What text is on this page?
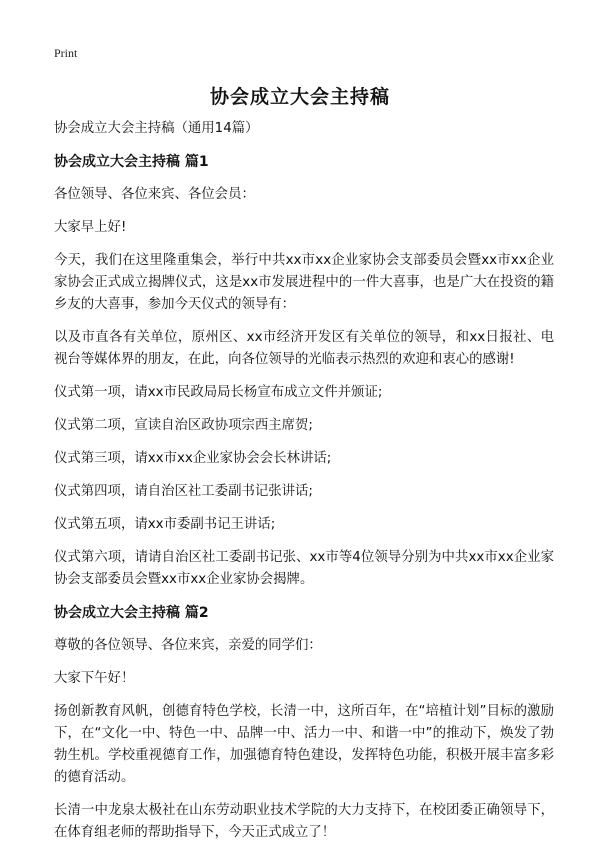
Print
协会成立大会主持稿

协会成立大会主持稿（通用14篇）

协会成立大会主持稿 篇1

各位领导、各位来宾、各位会员：

大家早上好!

今天，我们在这里隆重集会，举行中共xx市xx企业家协会支部委员会暨xx市xx企业家协会正式成立揭牌仪式，这是xx市发展进程中的一件大喜事，也是广大在投资的籍乡友的大喜事，参加今天仪式的领导有：

以及市直各有关单位，原州区、xx市经济开发区有关单位的领导，和xx日报社、电视台等媒体界的朋友，在此，向各位领导的光临表示热烈的欢迎和衷心的感谢!

仪式第一项，请xx市民政局局长杨宣布成立文件并颁证;

仪式第二项，宣读自治区政协项宗西主席贺;

仪式第三项，请xx市xx企业家协会会长林讲话;

仪式第四项，请自治区社工委副书记张讲话;

仪式第五项，请xx市委副书记王讲话;

仪式第六项，请请自治区社工委副书记张、xx市等4位领导分别为中共xx市xx企业家协会支部委员会暨xx市xx企业家协会揭牌。

协会成立大会主持稿 篇2

尊敬的各位领导、各位来宾，亲爱的同学们：

大家下午好！

扬创新教育风帆，创德育特色学校，长清一中，这所百年，在“培植计划”目标的激励下，在“文化一中、特色一中、品牌一中、活力一中、和谐一中”的推动下，焕发了勃勃生机。学校重视德育工作，加强德育特色建设，发挥特色功能，积极开展丰富多彩的德育活动。

长清一中龙泉太极社在山东劳动职业技术学院的大力支持下，在校团委正确领导下，在体育组老师的帮助指导下，今天正式成立了！
